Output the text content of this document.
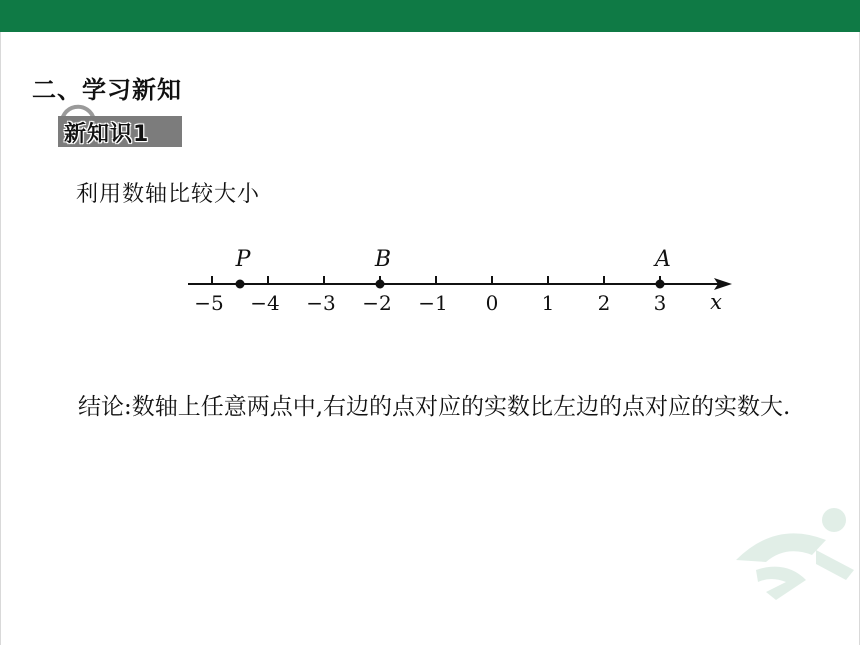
二、学习新知
新知识1
利用数轴比较大小
−5 −4 −3 −2 −1 0 1 2 3
P	B	A
x
结论:数轴上任意两点中,右边的点对应的实数比左边的点对应的实数大.
